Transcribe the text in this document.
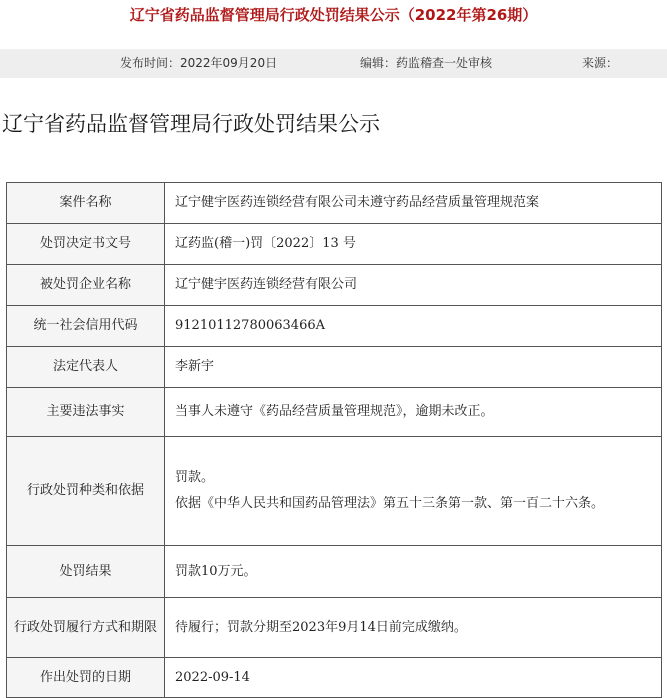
辽宁省药品监督管理局行政处罚结果公示（2022年第26期）
发布时间：2022年09月20日	编辑：药监稽查一处审核	来源：
辽宁省药品监督管理局行政处罚结果公示
案件名称	辽宁健宇医药连锁经营有限公司未遵守药品经营质量管理规范案

处罚决定书文号	辽药监(稽一)罚〔2022〕13 号

被处罚企业名称	辽宁健宇医药连锁经营有限公司

统一社会信用代码	91210112780063466A

法定代表人	李新宇

主要违法事实	当事人未遵守《药品经营质量管理规范》，逾期未改正。

行政处罚种类和依据	罚款。

依据《中华人民共和国药品管理法》第五十三条第一款、第一百二十六条。

处罚结果	罚款10万元。

行政处罚履行方式和期限	待履行；罚款分期至2023年9月14日前完成缴纳。

作出处罚的日期	2022-09-14
